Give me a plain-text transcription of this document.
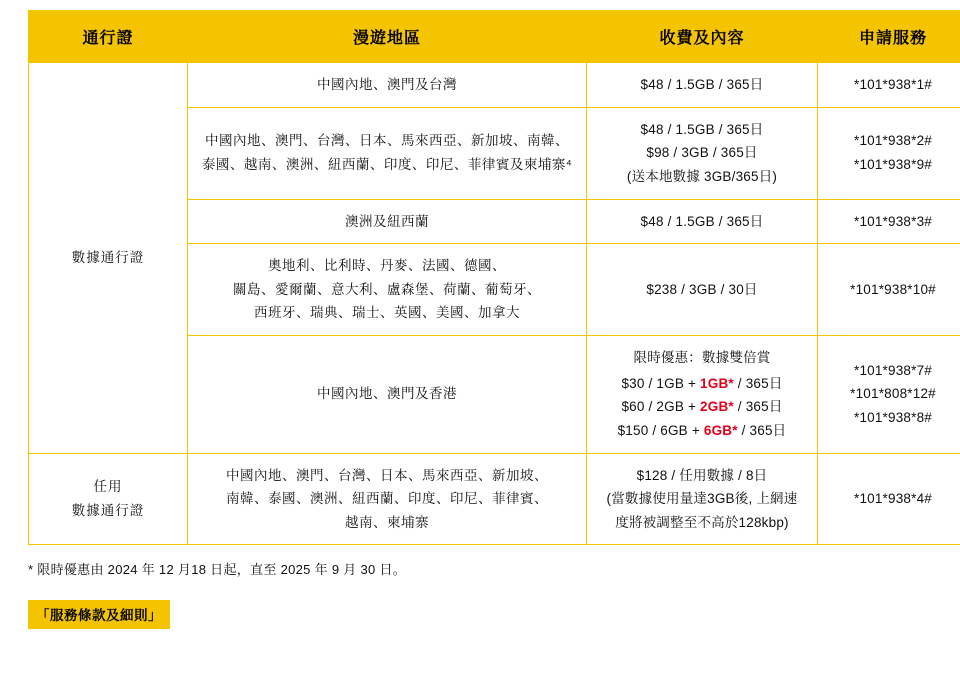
通行證	漫遊地區	收費及內容	申請服務
數據通行證	中國內地、澳門及台灣	$48 / 1.5GB / 365日	*101*938*1#

	中國內地、澳門、台灣、日本、馬來西亞、新加坡、南韓、
泰國、越南、澳洲、紐西蘭、印度、印尼、菲律賓及柬埔寨⁴	$48 / 1.5GB / 365日
$98 / 3GB / 365日
(送本地數據 3GB/365日)	*101*938*2#
*101*938*9#

	澳洲及紐西蘭	$48 / 1.5GB / 365日	*101*938*3#

	奧地利、比利時、丹麥、法國、德國、
關島、愛爾蘭、意大利、盧森堡、荷蘭、葡萄牙、
西班牙、瑞典、瑞士、英國、美國、加拿大	$238 / 3GB / 30日	*101*938*10#

	中國內地、澳門及香港	限時優惠：數據雙倍賞
$30 / 1GB + 1GB* / 365日
$60 / 2GB + 2GB* / 365日
$150 / 6GB + 6GB* / 365日	*101*938*7#
*101*808*12#
*101*938*8#

任用
數據通行證	中國內地、澳門、台灣、日本、馬來西亞、新加坡、
南韓、泰國、澳洲、紐西蘭、印度、印尼、菲律賓、
越南、柬埔寨	$128 / 任用數據 / 8日
(當數據使用量達3GB後, 上網速
度將被調整至不高於128kbp)	*101*938*4#
* 限時優惠由 2024 年 12 月18 日起，直至 2025 年 9 月 30 日。
「服務條款及細則」
